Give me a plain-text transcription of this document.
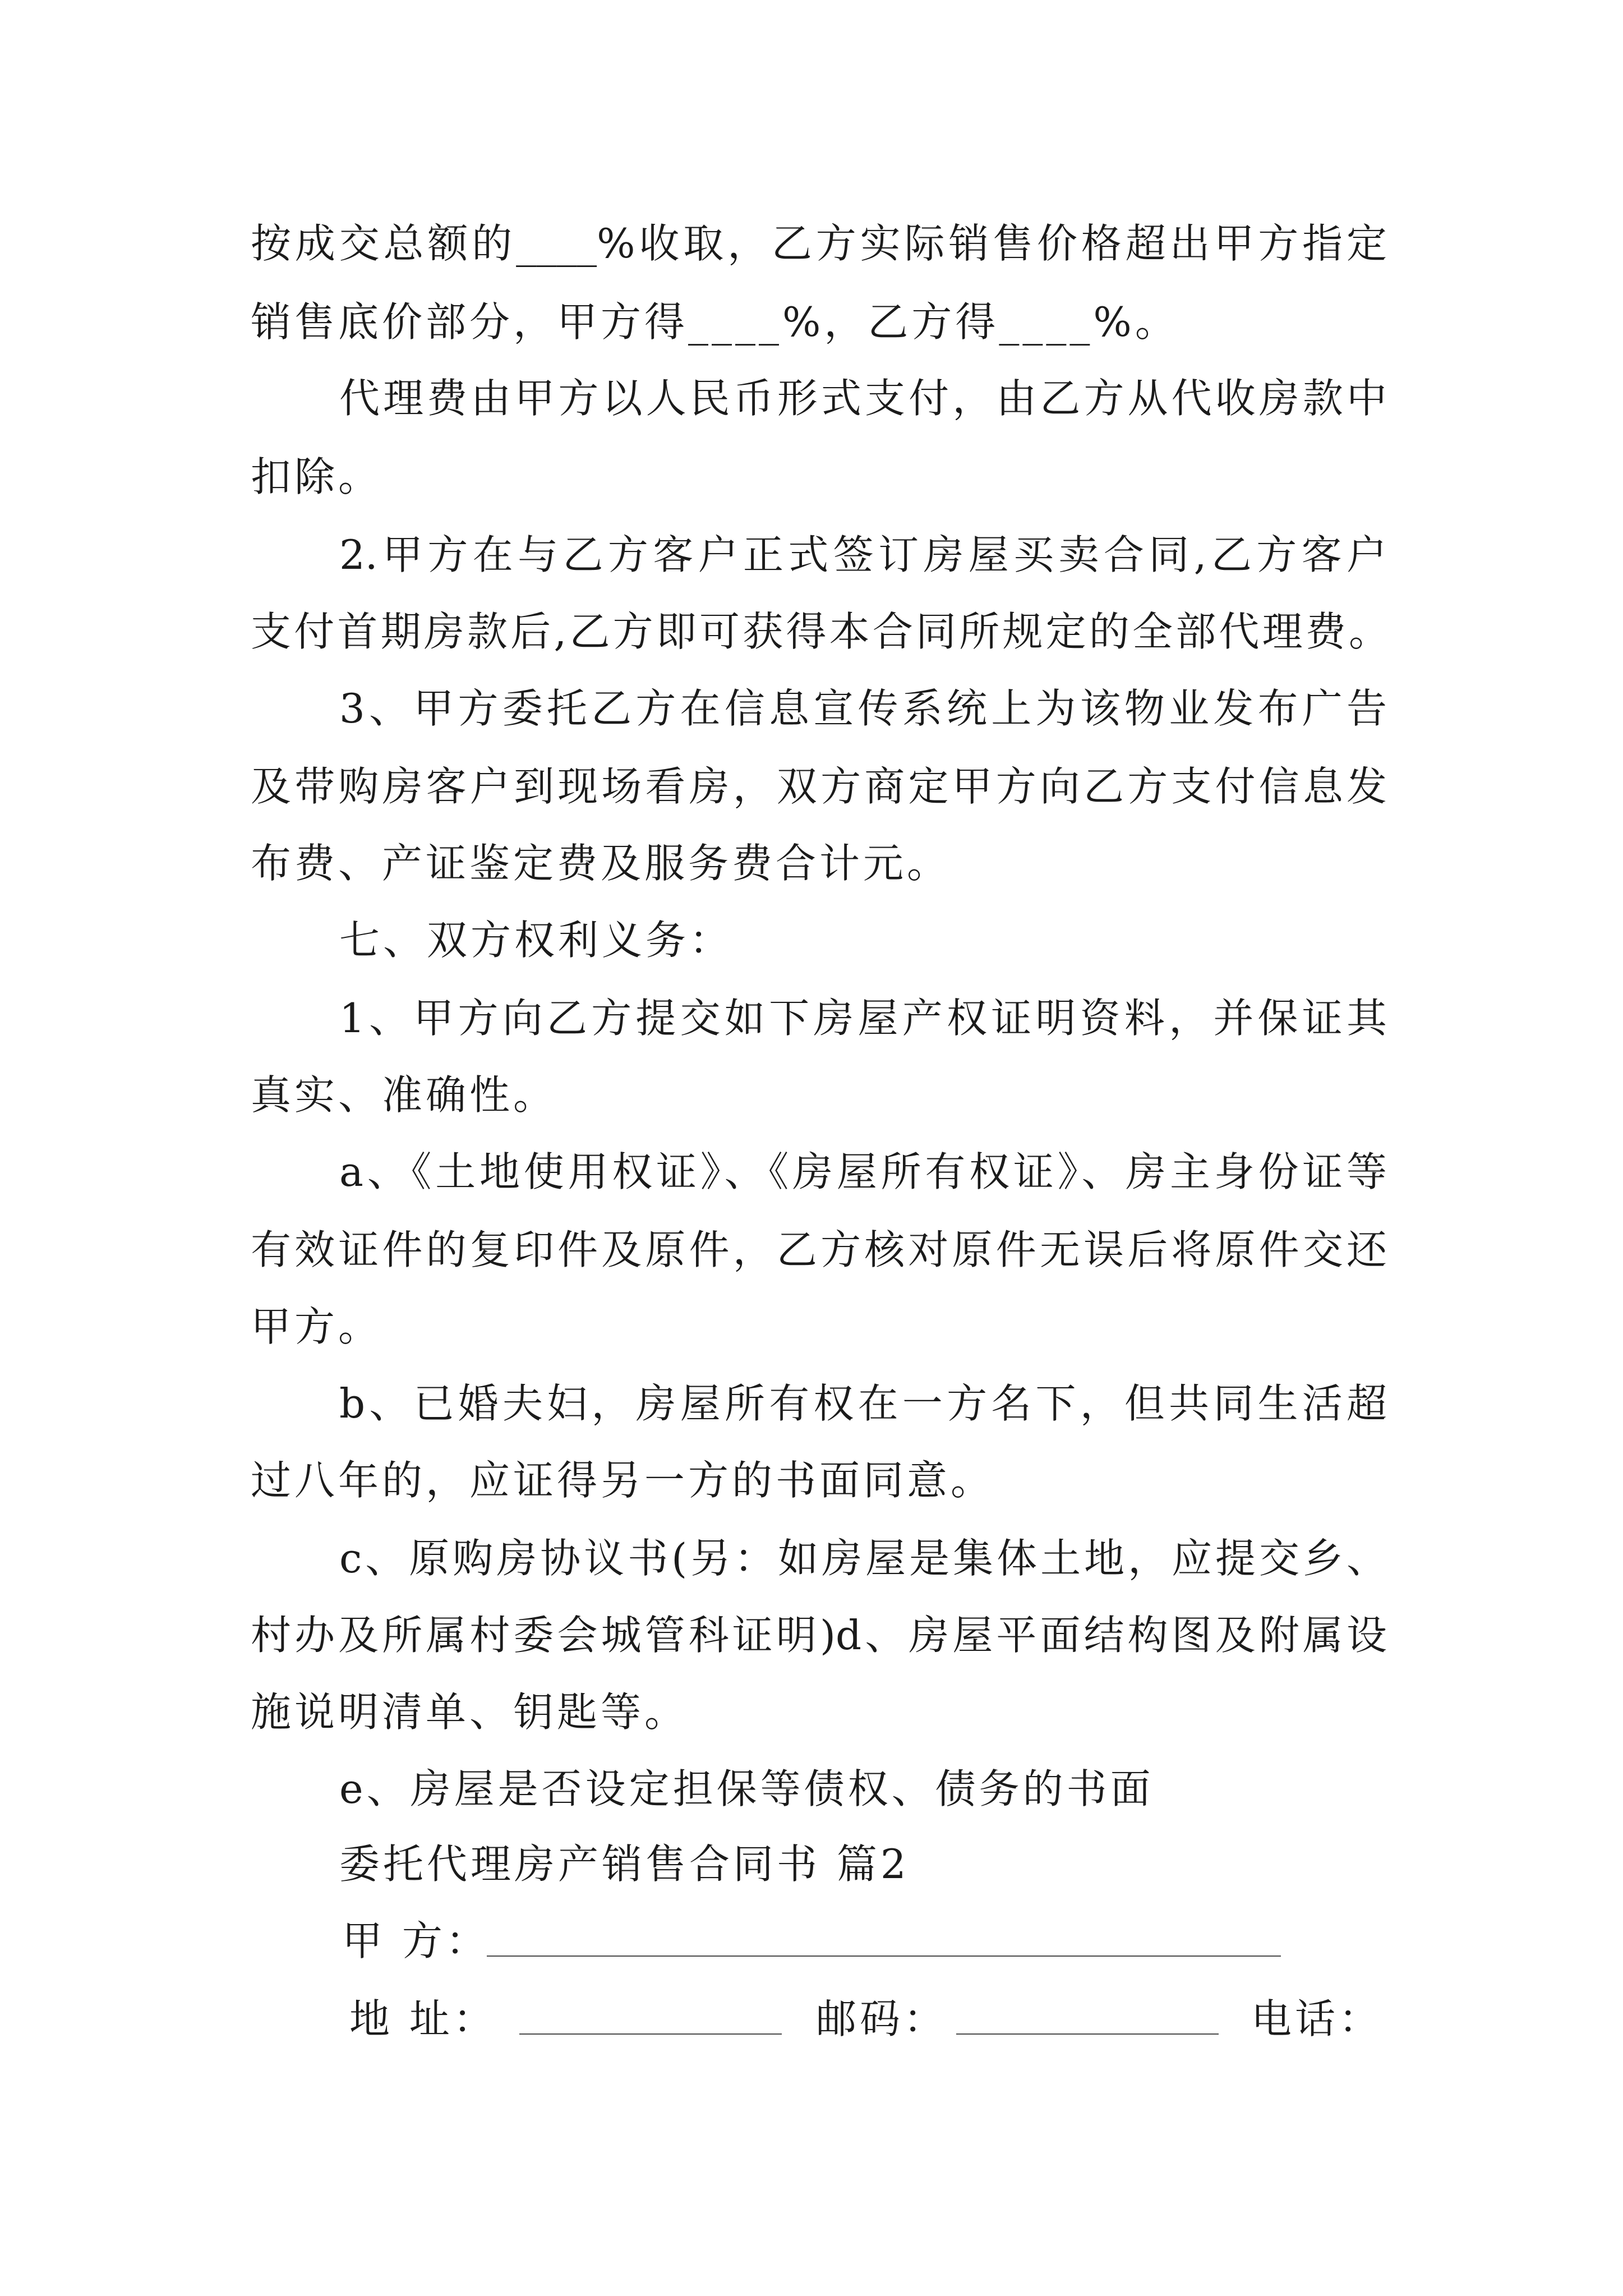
按成交总额的____%收取，乙方实际销售价格超出甲方指定
销售底价部分，甲方得____%，乙方得____%。
代理费由甲方以人民币形式支付，由乙方从代收房款中
扣除。
2.甲方在与乙方客户正式签订房屋买卖合同,乙方客户
支付首期房款后,乙方即可获得本合同所规定的全部代理费。
3、甲方委托乙方在信息宣传系统上为该物业发布广告
及带购房客户到现场看房，双方商定甲方向乙方支付信息发
布费、产证鉴定费及服务费合计元。
七、双方权利义务：
1、甲方向乙方提交如下房屋产权证明资料，并保证其
真实、准确性。
a、《土地使用权证》、《房屋所有权证》、房主身份证等
有效证件的复印件及原件，乙方核对原件无误后将原件交还
甲方。
b、已婚夫妇，房屋所有权在一方名下，但共同生活超
过八年的，应证得另一方的书面同意。
c、原购房协议书(另：如房屋是集体土地，应提交乡、
村办及所属村委会城管科证明)d、房屋平面结构图及附属设
施说明清单、钥匙等。
e、房屋是否设定担保等债权、债务的书面
委托代理房产销售合同书 篇2
甲 方：
地 址：	邮码：	电话：
